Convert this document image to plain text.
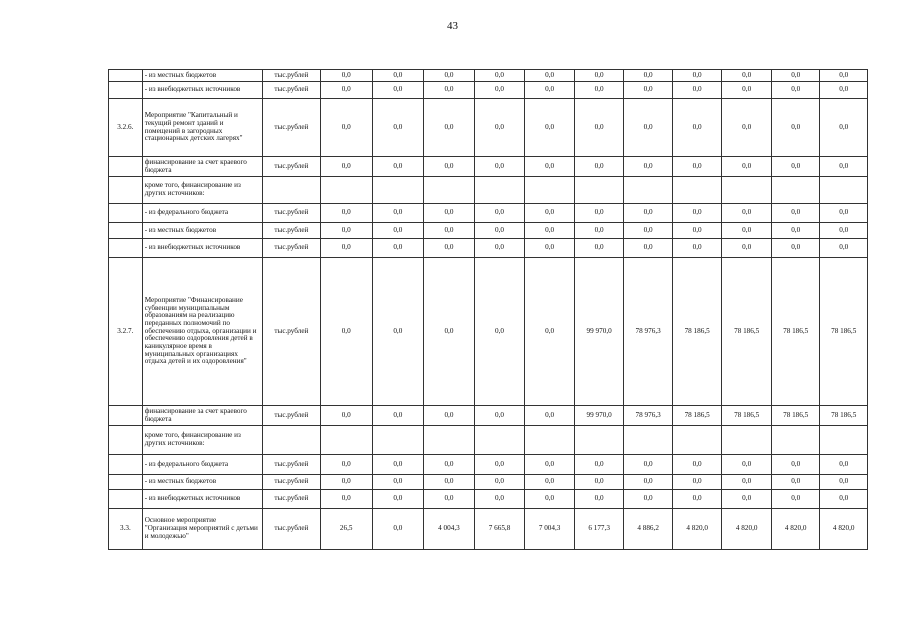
43
	- из местных бюджетов	тыс.рублей	0,0	0,0	0,0	0,0	0,0	0,0	0,0	0,0	0,0	0,0	0,0
	- из внебюджетных источников	тыс.рублей	0,0	0,0	0,0	0,0	0,0	0,0	0,0	0,0	0,0	0,0	0,0
3.2.6.	Мероприятие "Капитальный и текущий ремонт зданий и помещений в загородных стационарных детских лагерях"	тыс.рублей	0,0	0,0	0,0	0,0	0,0	0,0	0,0	0,0	0,0	0,0	0,0
	финансирование за счет краевого бюджета	тыс.рублей	0,0	0,0	0,0	0,0	0,0	0,0	0,0	0,0	0,0	0,0	0,0
	кроме того, финансирование из других источников:												
	- из федерального бюджета	тыс.рублей	0,0	0,0	0,0	0,0	0,0	0,0	0,0	0,0	0,0	0,0	0,0
	- из местных бюджетов	тыс.рублей	0,0	0,0	0,0	0,0	0,0	0,0	0,0	0,0	0,0	0,0	0,0
	- из внебюджетных источников	тыс.рублей	0,0	0,0	0,0	0,0	0,0	0,0	0,0	0,0	0,0	0,0	0,0
3.2.7.	Мероприятие "Финансирование субвенции муниципальным образованиям на реализацию переданных полномочий по обеспечению отдыха, организации и обеспечению оздоровления детей в каникулярное время в муниципальных организациях отдыха детей и их оздоровления"	тыс.рублей	0,0	0,0	0,0	0,0	0,0	99 970,0	78 976,3	78 186,5	78 186,5	78 186,5	78 186,5
	финансирование за счет краевого бюджета	тыс.рублей	0,0	0,0	0,0	0,0	0,0	99 970,0	78 976,3	78 186,5	78 186,5	78 186,5	78 186,5
	кроме того, финансирование из других источников:												
	- из федерального бюджета	тыс.рублей	0,0	0,0	0,0	0,0	0,0	0,0	0,0	0,0	0,0	0,0	0,0
	- из местных бюджетов	тыс.рублей	0,0	0,0	0,0	0,0	0,0	0,0	0,0	0,0	0,0	0,0	0,0
	- из внебюджетных источников	тыс.рублей	0,0	0,0	0,0	0,0	0,0	0,0	0,0	0,0	0,0	0,0	0,0
3.3.	Основное мероприятие "Организация мероприятий с детьми и молодежью"	тыс.рублей	26,5	0,0	4 004,3	7 665,8	7 004,3	6 177,3	4 886,2	4 820,0	4 820,0	4 820,0	4 820,0
